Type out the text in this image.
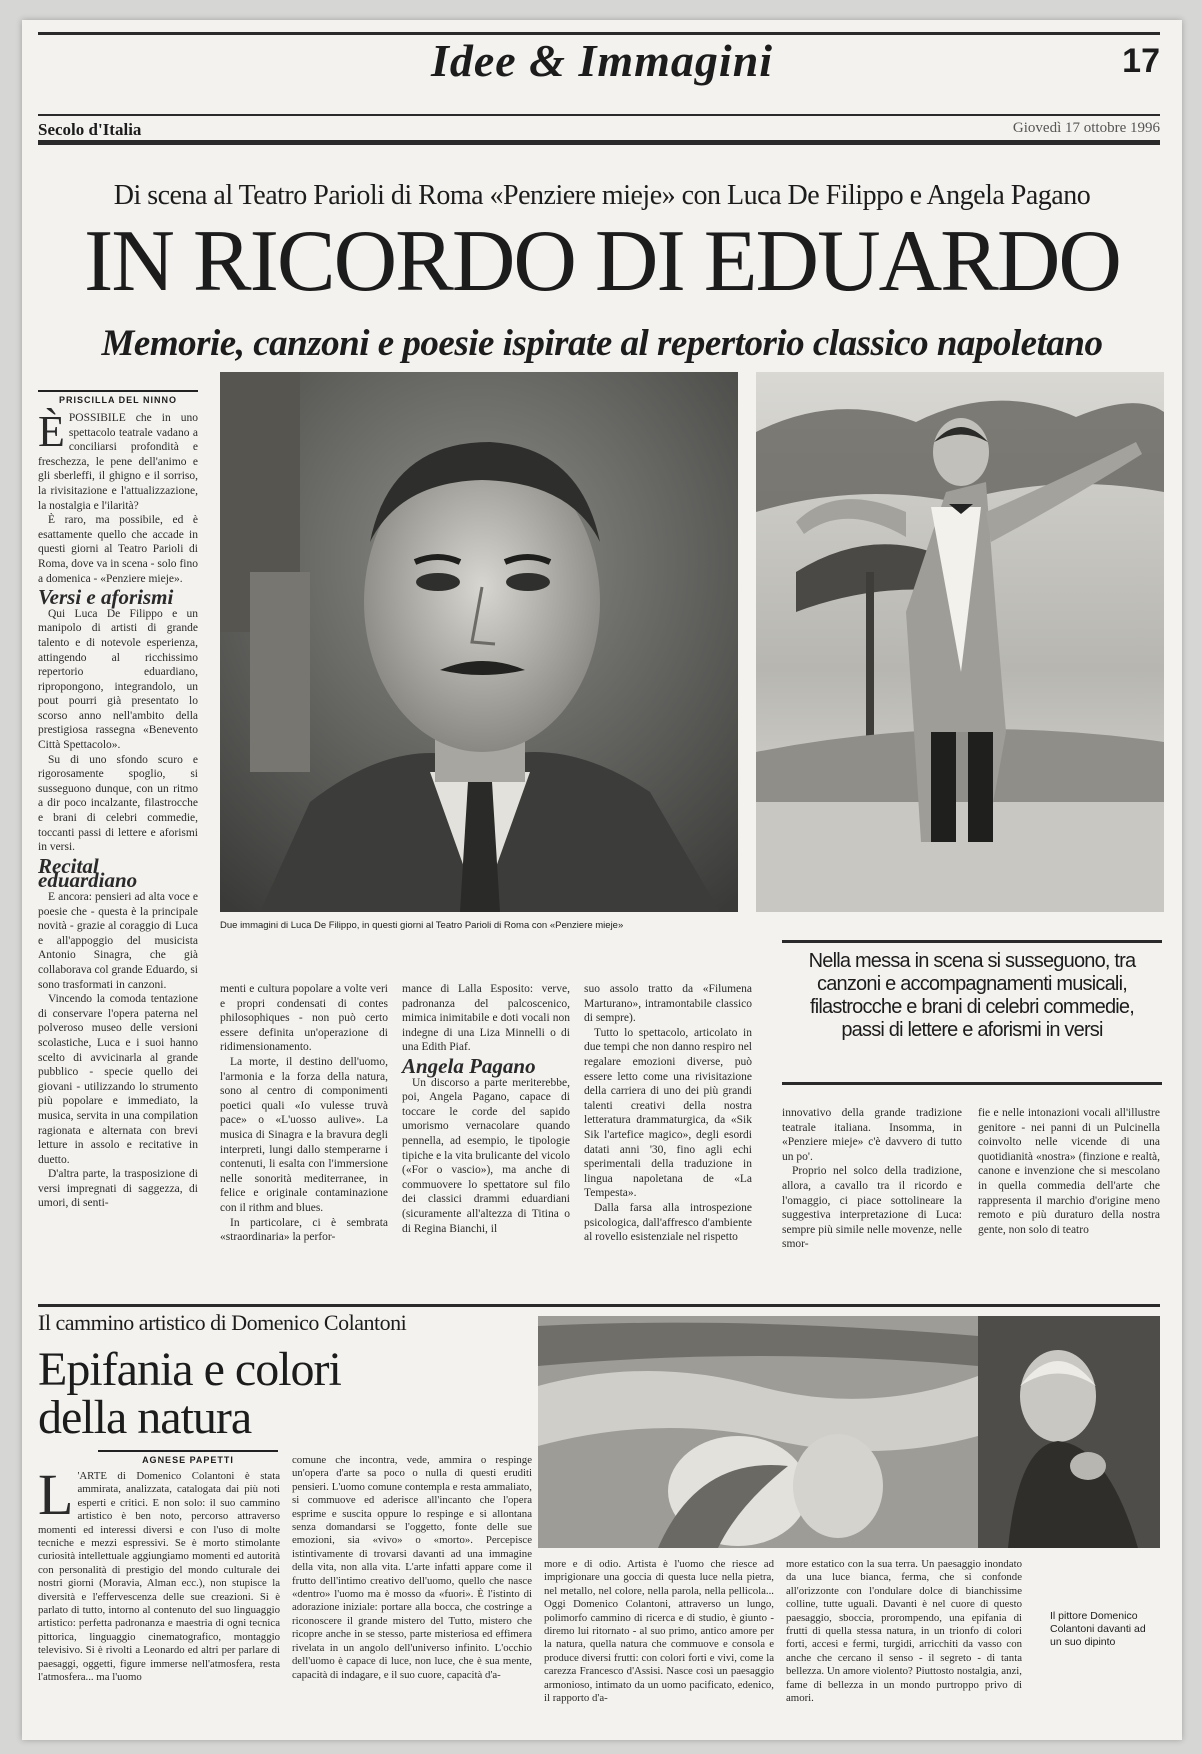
Idee & Immagini	17
Secolo d'Italia	Giovedì 17 ottobre 1996
Di scena al Teatro Parioli di Roma «Penziere mieje» con Luca De Filippo e Angela Pagano
IN RICORDO DI EDUARDO
Memorie, canzoni e poesie ispirate al repertorio classico napoletano
PRISCILLA DEL NINNO
È POSSIBILE che in uno spettacolo teatrale vadano a conciliarsi profondità e freschezza, le pene dell'animo e gli sberleffi, il ghigno e il sorriso, la rivisitazione e l'attualizzazione, la nostalgia e l'ilarità?

È raro, ma possibile, ed è esattamente quello che accade in questi giorni al Teatro Parioli di Roma, dove va in scena - solo fino a domenica - «Penziere mieje».

Versi e aforismi

Qui Luca De Filippo e un manipolo di artisti di grande talento e di notevole esperienza, attingendo al ricchissimo repertorio eduardiano, ripropongono, integrandolo, un pout pourri già presentato lo scorso anno nell'ambito della prestigiosa rassegna «Benevento Città Spettacolo».

Su di uno sfondo scuro e rigorosamente spoglio, si susseguono dunque, con un ritmo a dir poco incalzante, filastrocche e brani di celebri commedie, toccanti passi di lettere e aforismi in versi.

Recital eduardiano

E ancora: pensieri ad alta voce e poesie che - questa è la principale novità - grazie al coraggio di Luca e all'appoggio del musicista Antonio Sinagra, che già collaborava col grande Eduardo, si sono trasformati in canzoni.

Vincendo la comoda tentazione di conservare l'opera paterna nel polveroso museo delle versioni scolastiche, Luca e i suoi hanno scelto di avvicinarla al grande pubblico - specie quello dei giovani - utilizzando lo strumento più popolare e immediato, la musica, servita in una compilation ragionata e alternata con brevi letture in assolo e recitative in duetto.

D'altra parte, la trasposizione di versi impregnati di saggezza, di umori, di senti-

Due immagini di Luca De Filippo, in questi giorni al Teatro Parioli di Roma con «Penziere mieje»
Nella messa in scena si susseguono, tra canzoni e accompagnamenti musicali, filastrocche e brani di celebri commedie, passi di lettere e aforismi in versi
menti e cultura popolare a volte veri e propri condensati di contes philosophiques - non può certo essere definita un'operazione di ridimensionamento.

La morte, il destino dell'uomo, l'armonia e la forza della natura, sono al centro di componimenti poetici quali «Io vulesse truvà pace» o «L'uosso aulive». La musica di Sinagra e la bravura degli interpreti, lungi dallo stemperarne i contenuti, li esalta con l'immersione nelle sonorità mediterranee, in felice e originale contaminazione con il rithm and blues.

In particolare, ci è sembrata «straordinaria» la perfor-

mance di Lalla Esposito: verve, padronanza del palcoscenico, mimica inimitabile e doti vocali non indegne di una Liza Minnelli o di una Edith Piaf.
Angela Pagano

Un discorso a parte meriterebbe, poi, Angela Pagano, capace di toccare le corde del sapido umorismo vernacolare quando pennella, ad esempio, le tipologie tipiche e la vita brulicante del vicolo («For o vascio»), ma anche di commuovere lo spettatore sul filo dei classici drammi eduardiani (sicuramente all'altezza di Titina o di Regina Bianchi, il

suo assolo tratto da «Filumena Marturano», intramontabile classico di sempre).

Tutto lo spettacolo, articolato in due tempi che non danno respiro nel regalare emozioni diverse, può essere letto come una rivisitazione della carriera di uno dei più grandi talenti creativi della nostra letteratura drammaturgica, da «Sik Sik l'artefice magico», degli esordi datati anni '30, fino agli echi sperimentali della traduzione in lingua napoletana de «La Tempesta».

Dalla farsa alla introspezione psicologica, dall'affresco d'ambiente al rovello esistenziale nel rispetto

innovativo della grande tradizione teatrale italiana. Insomma, in «Penziere mieje» c'è davvero di tutto un po'.

Proprio nel solco della tradizione, allora, a cavallo tra il ricordo e l'omaggio, ci piace sottolineare la suggestiva interpretazione di Luca: sempre più simile nelle movenze, nelle smor-

fie e nelle intonazioni vocali all'illustre genitore - nei panni di un Pulcinella coinvolto nelle vicende di una quotidianità «nostra» (finzione e realtà, canone e invenzione che si mescolano in quella commedia dell'arte che rappresenta il marchio d'origine meno remoto e più duraturo della nostra gente, non solo di teatro
Il cammino artistico di Domenico Colantoni
Epifania e colori
della natura
AGNESE PAPETTI
L 'ARTE di Domenico Colantoni è stata ammirata, analizzata, catalogata dai più noti esperti e critici. E non solo: il suo cammino artistico è ben noto, percorso attraverso momenti ed interessi diversi e con l'uso di molte tecniche e mezzi espressivi. Se è morto stimolante curiosità intellettuale aggiungiamo momenti ed autorità con personalità di prestigio del mondo culturale dei nostri giorni (Moravia, Alman ecc.), non stupisce la diversità e l'effervescenza delle sue creazioni. Si è parlato di tutto, intorno al contenuto del suo linguaggio artistico: perfetta padronanza e maestria di ogni tecnica pittorica, linguaggio cinematografico, montaggio televisivo. Si è rivolti a Leonardo ed altri per parlare di paesaggi, oggetti, figure immerse nell'atmosfera, resta l'atmosfera... ma l'uomo
comune che incontra, vede, ammira o respinge un'opera d'arte sa poco o nulla di questi eruditi pensieri. L'uomo comune contempla e resta ammaliato, si commuove ed aderisce all'incanto che l'opera esprime e suscita oppure lo respinge e si allontana senza domandarsi se l'oggetto, fonte delle sue emozioni, sia «vivo» o «morto». Percepisce istintivamente di trovarsi davanti ad una immagine della vita, non alla vita. L'arte infatti appare come il frutto dell'intimo creativo dell'uomo, quello che nasce «dentro» l'uomo ma è mosso da «fuori». È l'istinto di adorazione iniziale: portare alla bocca, che costringe a riconoscere il grande mistero del Tutto, mistero che ricopre anche in se stesso, parte misteriosa ed effimera rivelata in un angolo dell'universo infinito. L'occhio dell'uomo è capace di luce, non luce, che è sua mente, capacità di indagare, e il suo cuore, capacità d'a-
more e di odio. Artista è l'uomo che riesce ad imprigionare una goccia di questa luce nella pietra, nel metallo, nel colore, nella parola, nella pellicola... Oggi Domenico Colantoni, attraverso un lungo, polimorfo cammino di ricerca e di studio, è giunto - diremo lui ritornato - al suo primo, antico amore per la natura, quella natura che commuove e consola e produce diversi frutti: con colori forti e vivi, come la carezza Francesco d'Assisi. Nasce così un paesaggio armonioso, intimato da un uomo pacificato, edenico, il rapporto d'a-
more estatico con la sua terra. Un paesaggio inondato da una luce bianca, ferma, che si confonde all'orizzonte con l'ondulare dolce di bianchissime colline, tutte uguali. Davanti è nel cuore di questo paesaggio, sboccia, prorompendo, una epifania di frutti di quella stessa natura, in un trionfo di colori forti, accesi e fermi, turgidi, arricchiti da vasso con anche che cercano il senso - il segreto - di tanta bellezza. Un amore violento? Piuttosto nostalgia, anzi, fame di bellezza in un mondo purtroppo privo di amori.
Il pittore Domenico Colantoni davanti ad un suo dipinto
